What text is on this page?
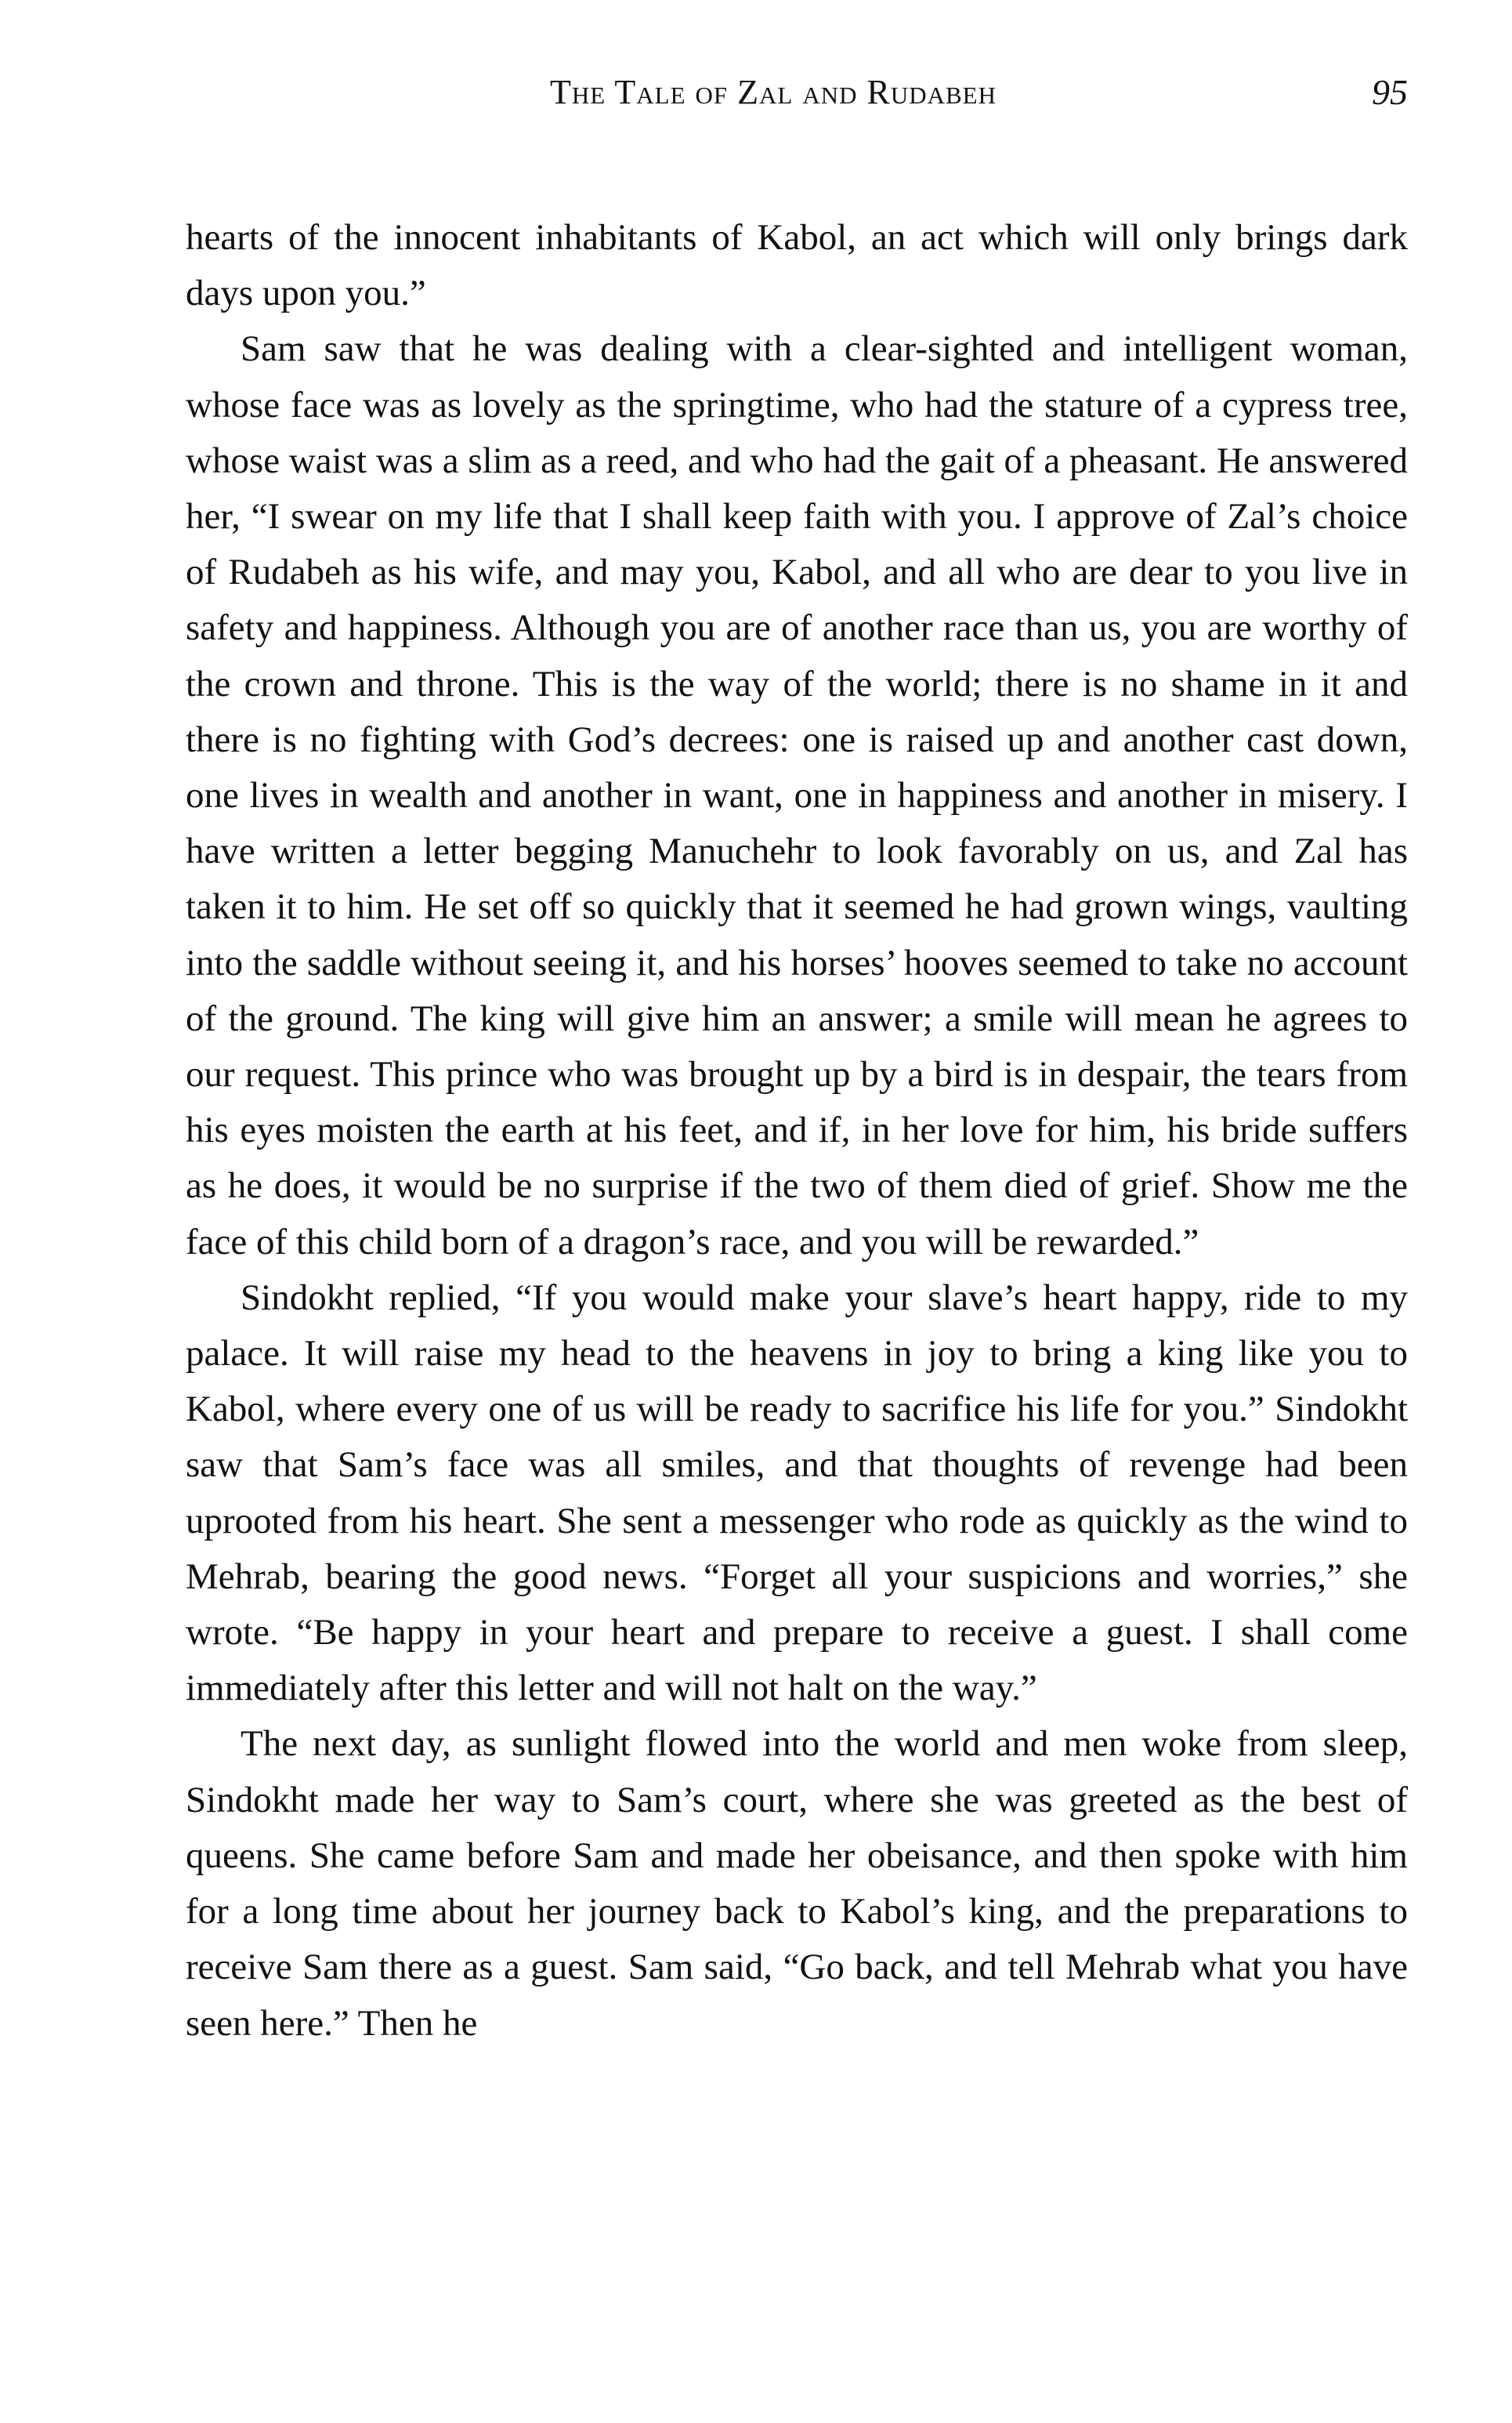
The Tale of Zal and Rudabeh	95

hearts of the innocent inhabitants of Kabol, an act which will only brings dark days upon you.”

Sam saw that he was dealing with a clear-sighted and intelligent woman, whose face was as lovely as the springtime, who had the stature of a cypress tree, whose waist was a slim as a reed, and who had the gait of a pheasant. He answered her, “I swear on my life that I shall keep faith with you. I approve of Zal’s choice of Rudabeh as his wife, and may you, Kabol, and all who are dear to you live in safety and happiness. Although you are of another race than us, you are worthy of the crown and throne. This is the way of the world; there is no shame in it and there is no fighting with God’s decrees: one is raised up and another cast down, one lives in wealth and another in want, one in happiness and another in misery. I have written a letter begging Manuchehr to look favorably on us, and Zal has taken it to him. He set off so quickly that it seemed he had grown wings, vaulting into the saddle without seeing it, and his horses’ hooves seemed to take no account of the ground. The king will give him an answer; a smile will mean he agrees to our request. This prince who was brought up by a bird is in despair, the tears from his eyes moisten the earth at his feet, and if, in her love for him, his bride suffers as he does, it would be no surprise if the two of them died of grief. Show me the face of this child born of a dragon’s race, and you will be rewarded.”

Sindokht replied, “If you would make your slave’s heart happy, ride to my palace. It will raise my head to the heavens in joy to bring a king like you to Kabol, where every one of us will be ready to sacrifice his life for you.” Sindokht saw that Sam’s face was all smiles, and that thoughts of revenge had been uprooted from his heart. She sent a messenger who rode as quickly as the wind to Mehrab, bearing the good news. “Forget all your suspicions and worries,” she wrote. “Be happy in your heart and prepare to receive a guest. I shall come immediately after this letter and will not halt on the way.”

The next day, as sunlight flowed into the world and men woke from sleep, Sindokht made her way to Sam’s court, where she was greeted as the best of queens. She came before Sam and made her obeisance, and then spoke with him for a long time about her journey back to Kabol’s king, and the preparations to receive Sam there as a guest. Sam said, “Go back, and tell Mehrab what you have seen here.” Then he
